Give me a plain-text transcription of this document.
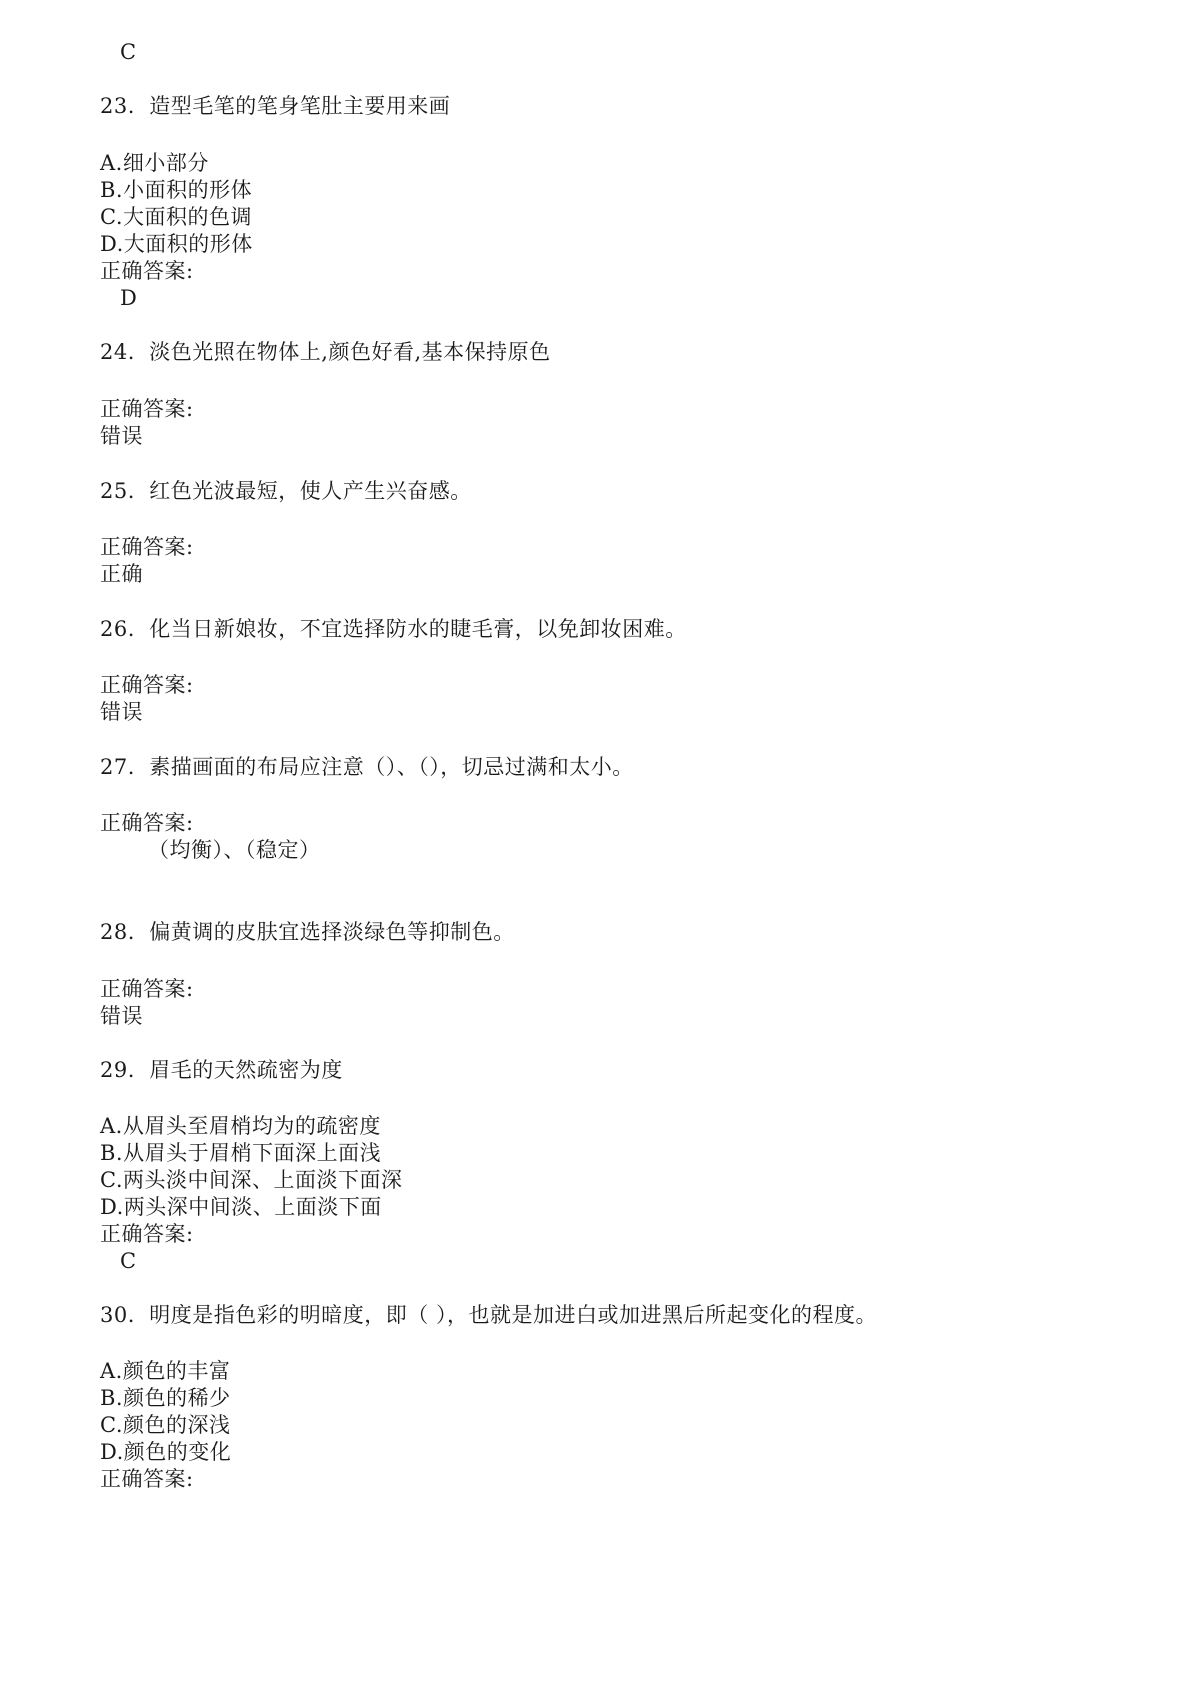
C
23. 造型毛笔的笔身笔肚主要用来画
A.细小部分
B.小面积的形体
C.大面积的色调
D.大面积的形体
正确答案:
D
24. 淡色光照在物体上,颜色好看,基本保持原色
正确答案:
错误
25. 红色光波最短，使人产生兴奋感。
正确答案:
正确
26. 化当日新娘妆，不宜选择防水的睫毛膏，以免卸妆困难。
正确答案:
错误
27. 素描画面的布局应注意（）、（），切忌过满和太小。
正确答案:
（均衡）、（稳定）
28. 偏黄调的皮肤宜选择淡绿色等抑制色。
正确答案:
错误
29. 眉毛的天然疏密为度
A.从眉头至眉梢均为的疏密度
B.从眉头于眉梢下面深上面浅
C.两头淡中间深、上面淡下面深
D.两头深中间淡、上面淡下面
正确答案:
C
30. 明度是指色彩的明暗度，即（ ），也就是加进白或加进黑后所起变化的程度。
A.颜色的丰富
B.颜色的稀少
C.颜色的深浅
D.颜色的变化
正确答案:
